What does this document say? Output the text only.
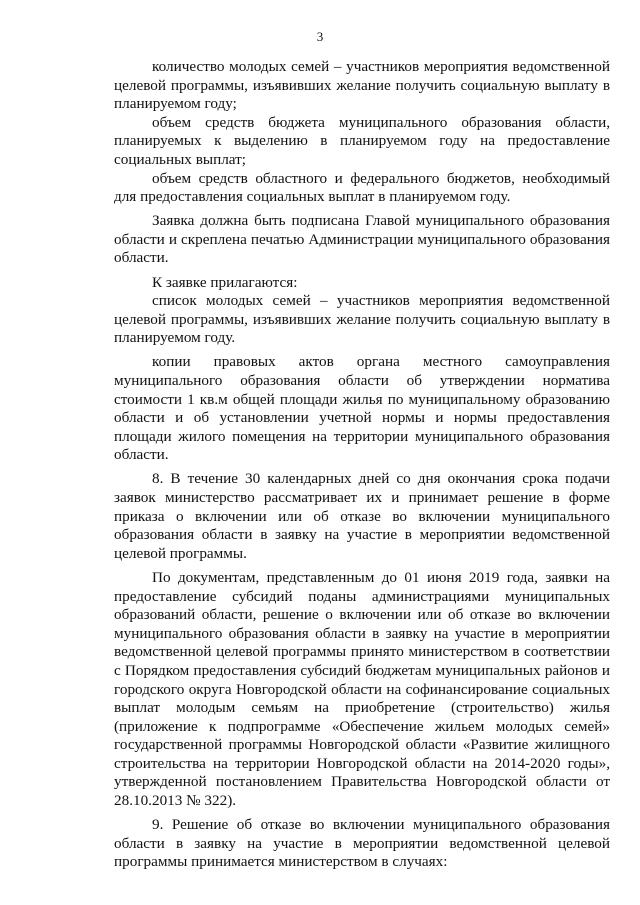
3

количество молодых семей – участников мероприятия ведомственной целевой программы, изъявивших желание получить социальную выплату в планируемом году;

объем средств бюджета муниципального образования области, планируемых к выделению в планируемом году на предоставление социальных выплат;

объем средств областного и федерального бюджетов, необходимый для предоставления социальных выплат в планируемом году.

Заявка должна быть подписана Главой муниципального образования области и скреплена печатью Администрации муниципального образования области.

К заявке прилагаются:

список молодых семей – участников мероприятия ведомственной целевой программы, изъявивших желание получить социальную выплату в планируемом году.

копии правовых актов органа местного самоуправления муниципального образования области об утверждении норматива стоимости 1 кв.м общей площади жилья по муниципальному образованию области и об установлении учетной нормы и нормы предоставления площади жилого помещения на территории муниципального образования области.

8. В течение 30 календарных дней со дня окончания срока подачи заявок министерство рассматривает их и принимает решение в форме приказа о включении или об отказе во включении муниципального образования области в заявку на участие в мероприятии ведомственной целевой программы.

По документам, представленным до 01 июня 2019 года, заявки на предоставление субсидий поданы администрациями муниципальных образований области, решение о включении или об отказе во включении муниципального образования области в заявку на участие в мероприятии ведомственной целевой программы принято министерством в соответствии с Порядком предоставления субсидий бюджетам муниципальных районов и городского округа Новгородской области на софинансирование социальных выплат молодым семьям на приобретение (строительство) жилья (приложение к подпрограмме «Обеспечение жильем молодых семей» государственной программы Новгородской области «Развитие жилищного строительства на территории Новгородской области на 2014-2020 годы», утвержденной постановлением Правительства Новгородской области от 28.10.2013 № 322).

9. Решение об отказе во включении муниципального образования области в заявку на участие в мероприятии ведомственной целевой программы принимается министерством в случаях:
